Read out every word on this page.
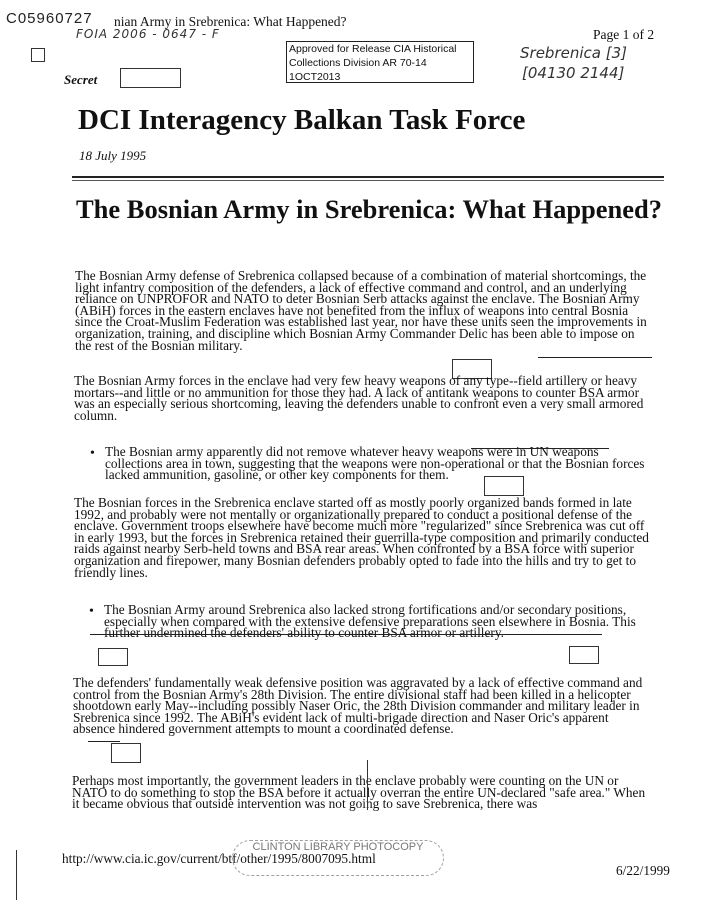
C05960727 nian Army in Srebrenica: What Happened?
Page 1 of 2
FOIA 2006 - 0647 - F
Srebrenica [3]
[04130 2144]
Approved for Release CIA Historical
Collections Division AR 70-14
1OCT2013
Secret
DCI Interagency Balkan Task Force
18 July 1995
The Bosnian Army in Srebrenica: What Happened?
The Bosnian Army defense of Srebrenica collapsed because of a combination of material shortcomings, the light infantry composition of the defenders, a lack of effective command and control, and an underlying reliance on UNPROFOR and NATO to deter Bosnian Serb attacks against the enclave. The Bosnian Army (ABiH) forces in the eastern enclaves have not benefited from the influx of weapons into central Bosnia since the Croat-Muslim Federation was established last year, nor have these units seen the improvements in organization, training, and discipline which Bosnian Army Commander Delic has been able to impose on the rest of the Bosnian military.
The Bosnian Army forces in the enclave had very few heavy weapons of any type--field artillery or heavy mortars--and little or no ammunition for those they had. A lack of antitank weapons to counter BSA armor was an especially serious shortcoming, leaving the defenders unable to confront even a very small armored column.
• The Bosnian army apparently did not remove whatever heavy weapons were in UN weapons collections area in town, suggesting that the weapons were non-operational or that the Bosnian forces lacked ammunition, gasoline, or other key components for them.
The Bosnian forces in the Srebrenica enclave started off as mostly poorly organized bands formed in late 1992, and probably were not mentally or organizationally prepared to conduct a positional defense of the enclave. Government troops elsewhere have become much more "regularized" since Srebrenica was cut off in early 1993, but the forces in Srebrenica retained their guerrilla-type composition and primarily conducted raids against nearby Serb-held towns and BSA rear areas. When confronted by a BSA force with superior organization and firepower, many Bosnian defenders probably opted to fade into the hills and try to get to friendly lines.
• The Bosnian Army around Srebrenica also lacked strong fortifications and/or secondary positions, especially when compared with the extensive defensive preparations seen elsewhere in Bosnia. This further undermined the defenders' ability to counter BSA armor or artillery.
The defenders' fundamentally weak defensive position was aggravated by a lack of effective command and control from the Bosnian Army's 28th Division. The entire divisional staff had been killed in a helicopter shootdown early May--including possibly Naser Oric, the 28th Division commander and military leader in Srebrenica since 1992. The ABiH's evident lack of multi-brigade direction and Naser Oric's apparent absence hindered government attempts to mount a coordinated defense.
Perhaps most importantly, the government leaders in the enclave probably were counting on the UN or NATO to do something to stop the BSA before it actually overran the entire UN-declared "safe area." When it became obvious that outside intervention was not going to save Srebrenica, there was
http://www.cia.ic.gov/current/btf/other/1995/8007095.html
CLINTON LIBRARY PHOTOCOPY
6/22/1999
